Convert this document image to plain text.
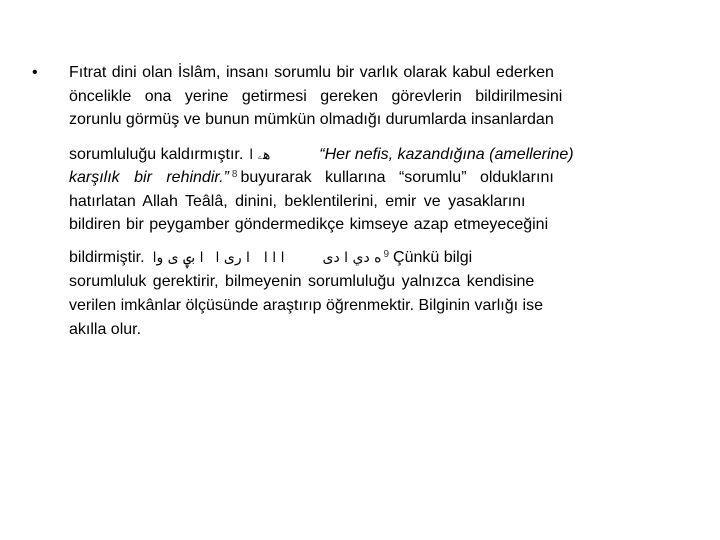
• Fıtrat dini olan İslâm, insanı sorumlu bir varlık olarak kabul ederken
öncelikle ona yerine getirmesi gereken görevlerin bildirilmesini
zorunlu görmüş ve bunun mümkün olmadığı durumlarda insanlardan
sorumluluğu kaldırmıştır. ﻫۦ ﺍ	“Her nefis, kazandığına (amellerine)
karşılık bir rehindir.” 8 buyurarak kullarına “sorumlu” olduklarını
hatırlatan Allah Teâlâ, dinini, beklentilerini, emir ve yasaklarını
bildiren bir peygamber göndermedikçe kimseye azap etmeyeceğini
bildirmiştir. ﺍ ﺑۑ ﻯ ﻭﺍ ﺍ ﺭﻯ ﺍ ﺍ ﺍ ﺍ	ﻩ ﺩﻱ ﺍ ﺩﻯ 9 Çünkü bilgi
sorumluluk gerektirir, bilmeyenin sorumluluğu yalnızca kendisine
verilen imkânlar ölçüsünde araştırıp öğrenmektir. Bilginin varlığı ise
akılla olur.
